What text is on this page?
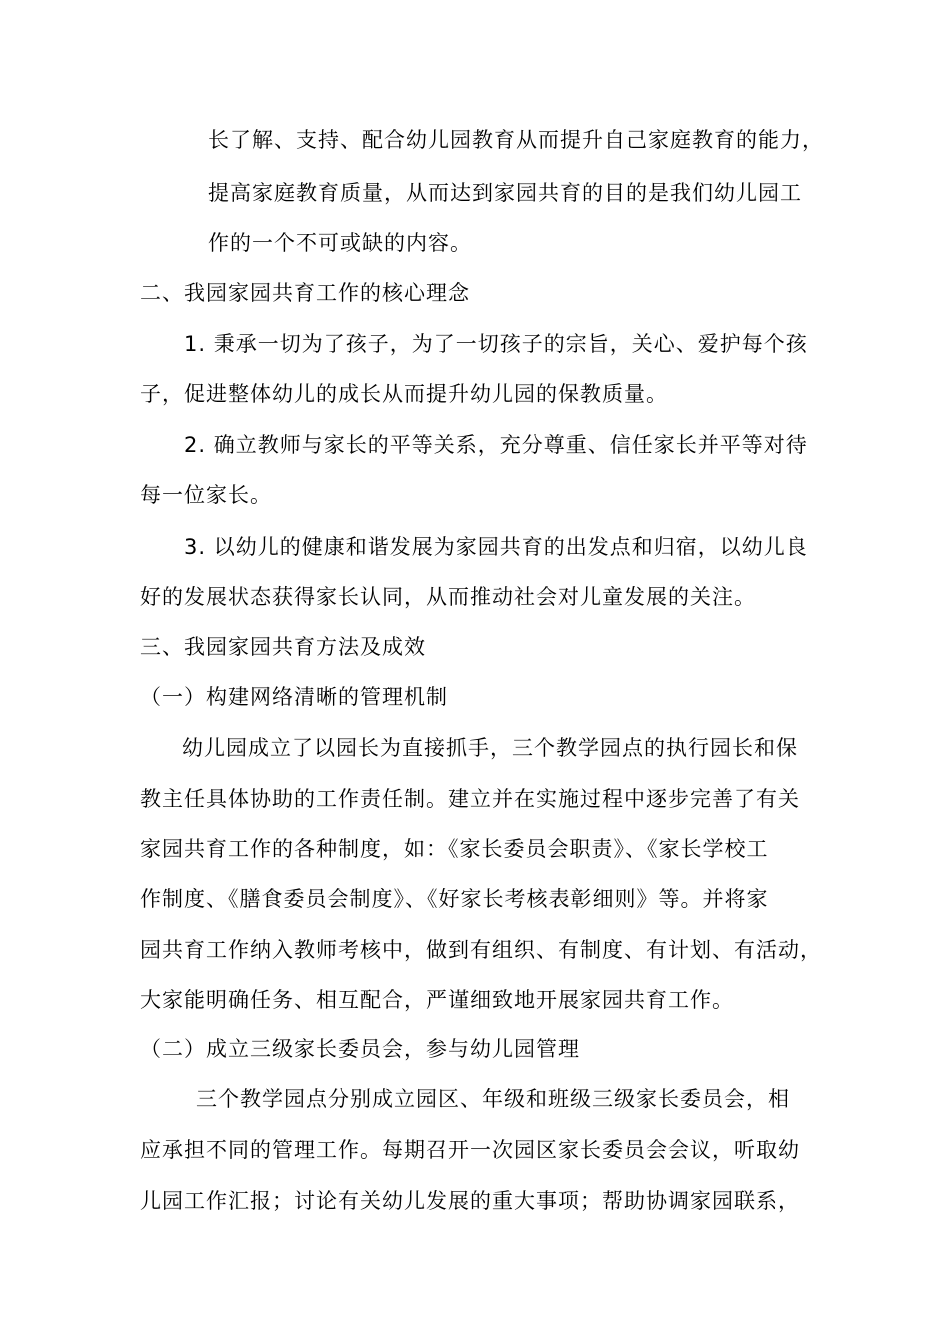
长了解、支持、配合幼儿园教育从而提升自己家庭教育的能力，
提高家庭教育质量，从而达到家园共育的目的是我们幼儿园工
作的一个不可或缺的内容。
二、我园家园共育工作的核心理念
1. 秉承一切为了孩子，为了一切孩子的宗旨，关心、爱护每个孩
子，促进整体幼儿的成长从而提升幼儿园的保教质量。
2. 确立教师与家长的平等关系，充分尊重、信任家长并平等对待
每一位家长。
3. 以幼儿的健康和谐发展为家园共育的出发点和归宿，以幼儿良
好的发展状态获得家长认同，从而推动社会对儿童发展的关注。
三、我园家园共育方法及成效
（一）构建网络清晰的管理机制
幼儿园成立了以园长为直接抓手，三个教学园点的执行园长和保
教主任具体协助的工作责任制。建立并在实施过程中逐步完善了有关
家园共育工作的各种制度，如：《家长委员会职责》、《家长学校工
作制度、《膳食委员会制度》、《好家长考核表彰细则》等。并将家
园共育工作纳入教师考核中，做到有组织、有制度、有计划、有活动，
大家能明确任务、相互配合，严谨细致地开展家园共育工作。
（二）成立三级家长委员会，参与幼儿园管理
三个教学园点分别成立园区、年级和班级三级家长委员会，相
应承担不同的管理工作。每期召开一次园区家长委员会会议，听取幼
儿园工作汇报；讨论有关幼儿发展的重大事项；帮助协调家园联系，
